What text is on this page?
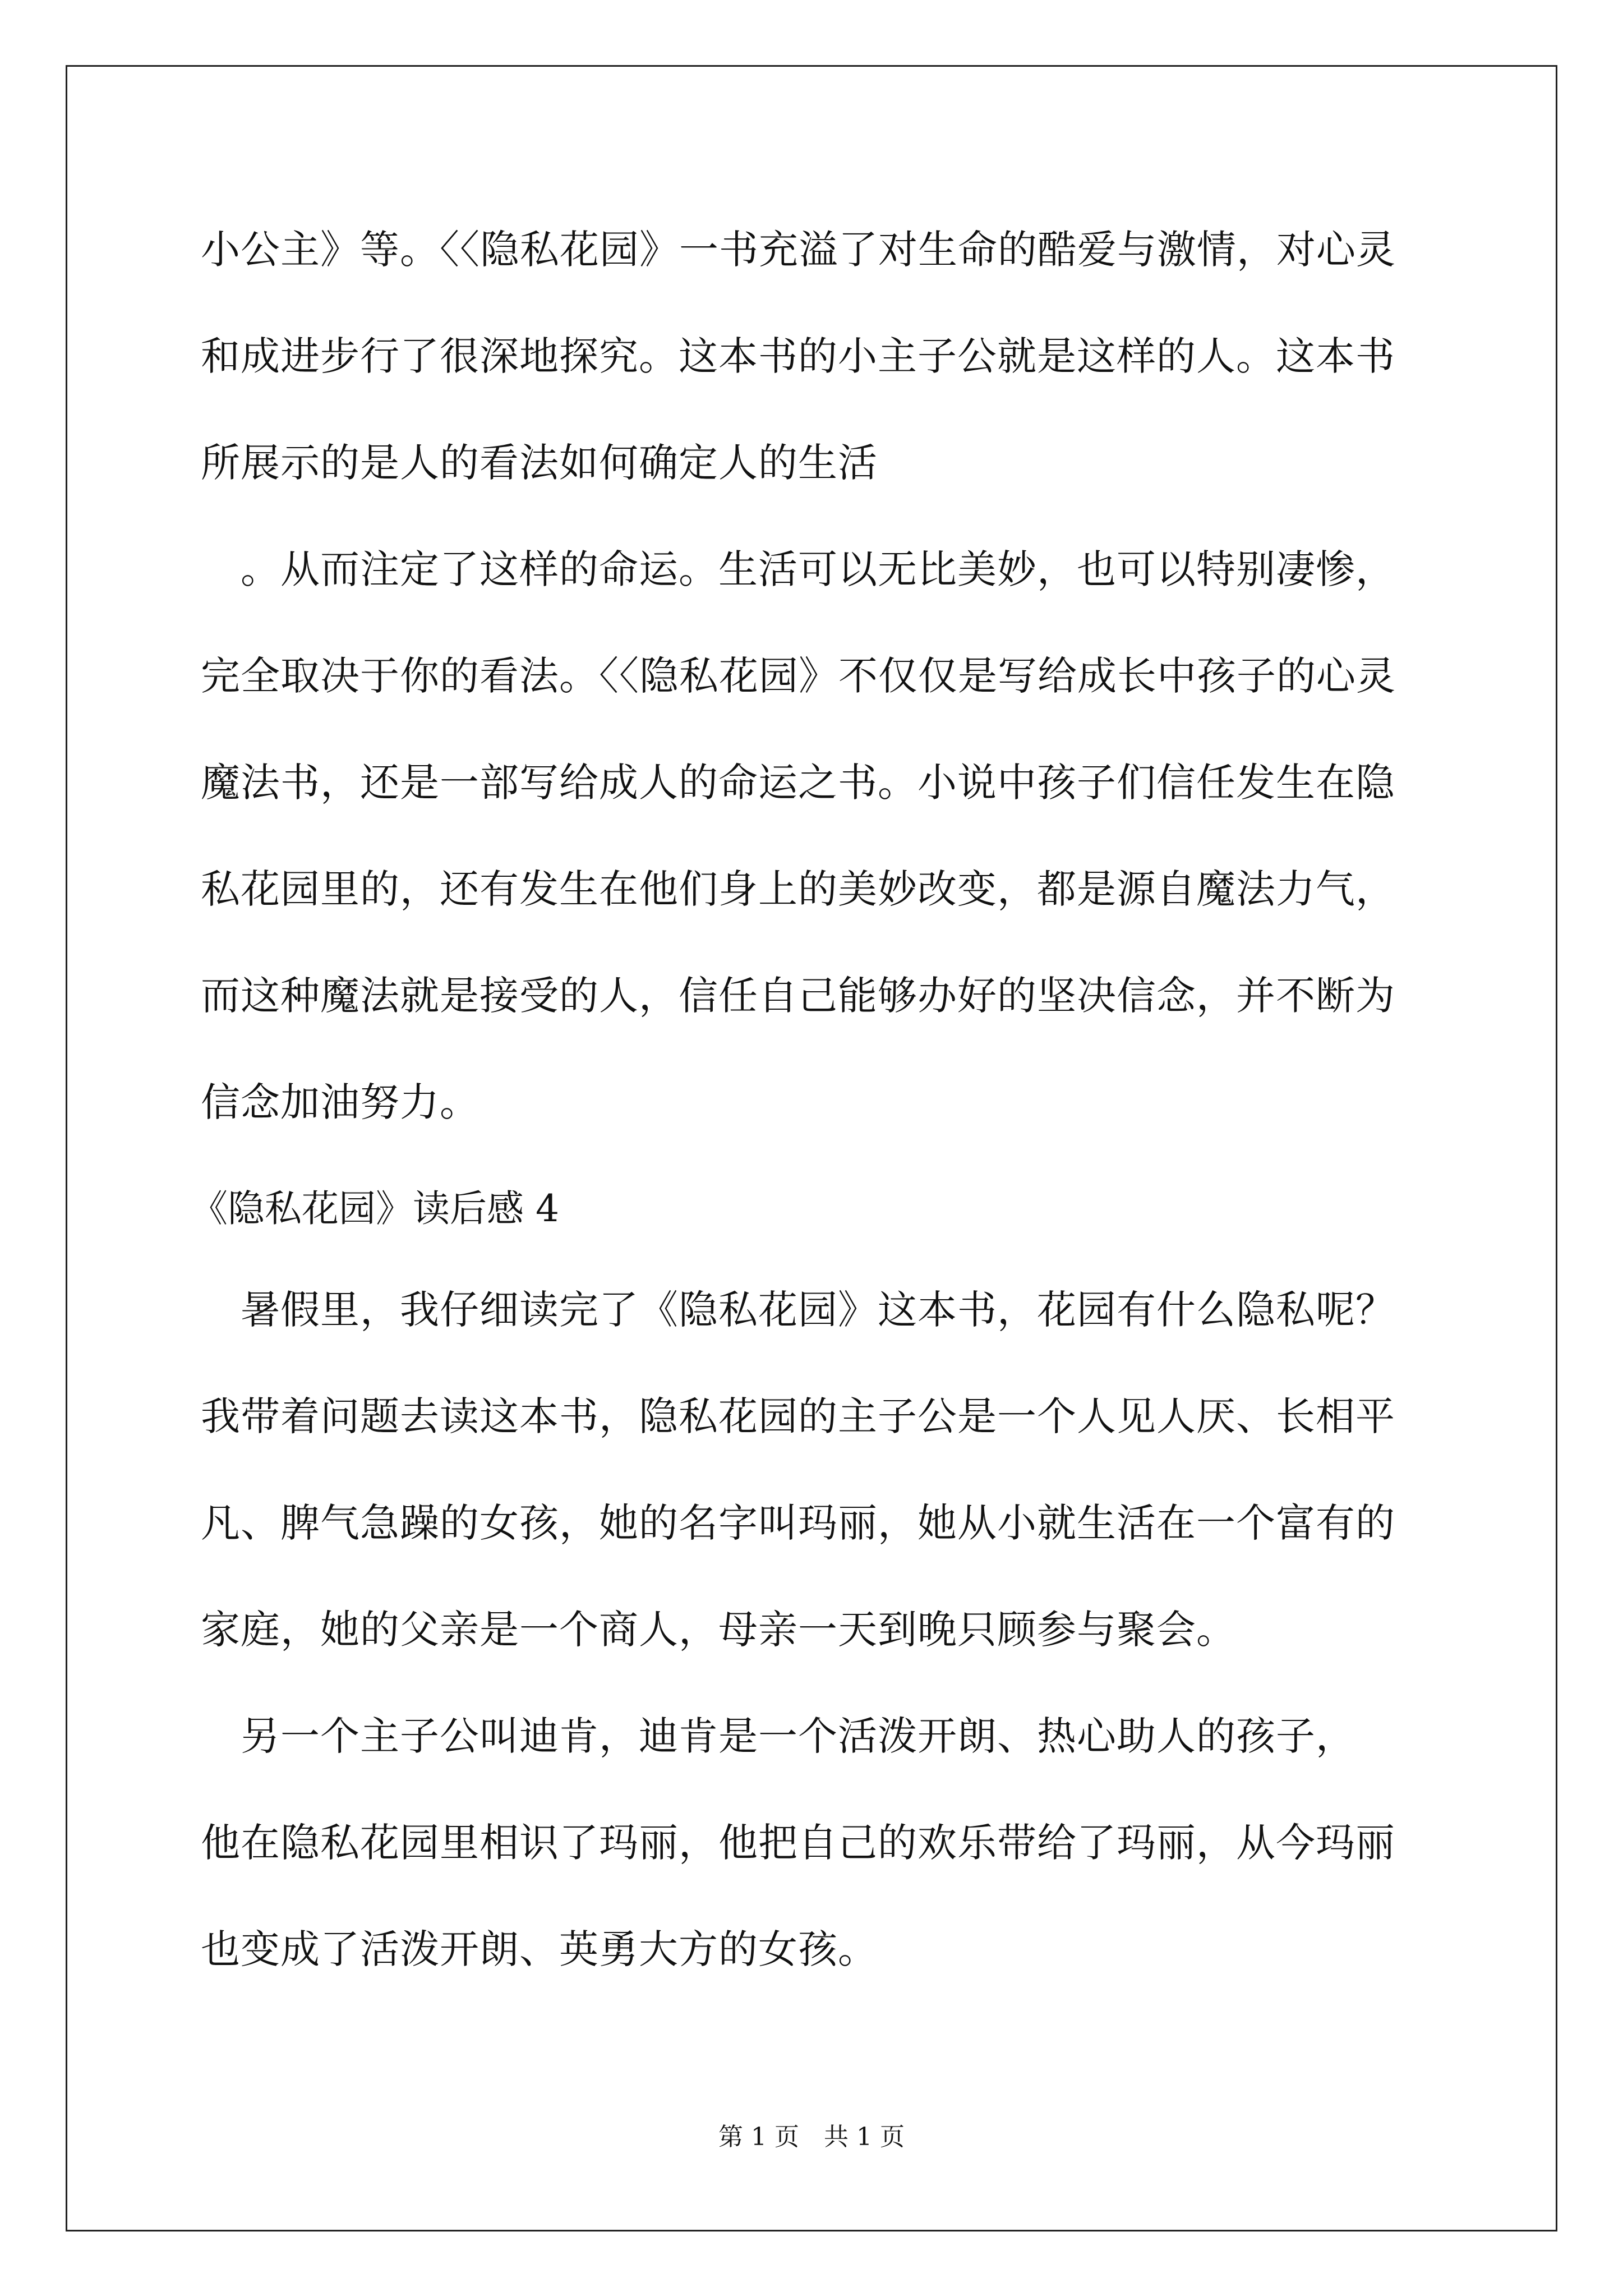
小公主》等。〈〈隐私花园》一书充溢了对生命的酷爱与激情，对心灵
和成进步行了很深地探究。这本书的小主子公就是这样的人。这本书
所展示的是人的看法如何确定人的生活
　。从而注定了这样的命运。生活可以无比美妙，也可以特别凄惨，
完全取决于你的看法。〈〈隐私花园》不仅仅是写给成长中孩子的心灵
魔法书，还是一部写给成人的命运之书。小说中孩子们信任发生在隐
私花园里的，还有发生在他们身上的美妙改变，都是源自魔法力气，
而这种魔法就是接受的人，信任自己能够办好的坚决信念，并不断为
信念加油努力。
《隐私花园》读后感 4
　暑假里，我仔细读完了《隐私花园》这本书，花园有什么隐私呢？
我带着问题去读这本书，隐私花园的主子公是一个人见人厌、长相平
凡、脾气急躁的女孩，她的名字叫玛丽，她从小就生活在一个富有的
家庭，她的父亲是一个商人，母亲一天到晚只顾参与聚会。
　另一个主子公叫迪肯，迪肯是一个活泼开朗、热心助人的孩子，
他在隐私花园里相识了玛丽，他把自己的欢乐带给了玛丽，从今玛丽
也变成了活泼开朗、英勇大方的女孩。
第 1 页　共 1 页
